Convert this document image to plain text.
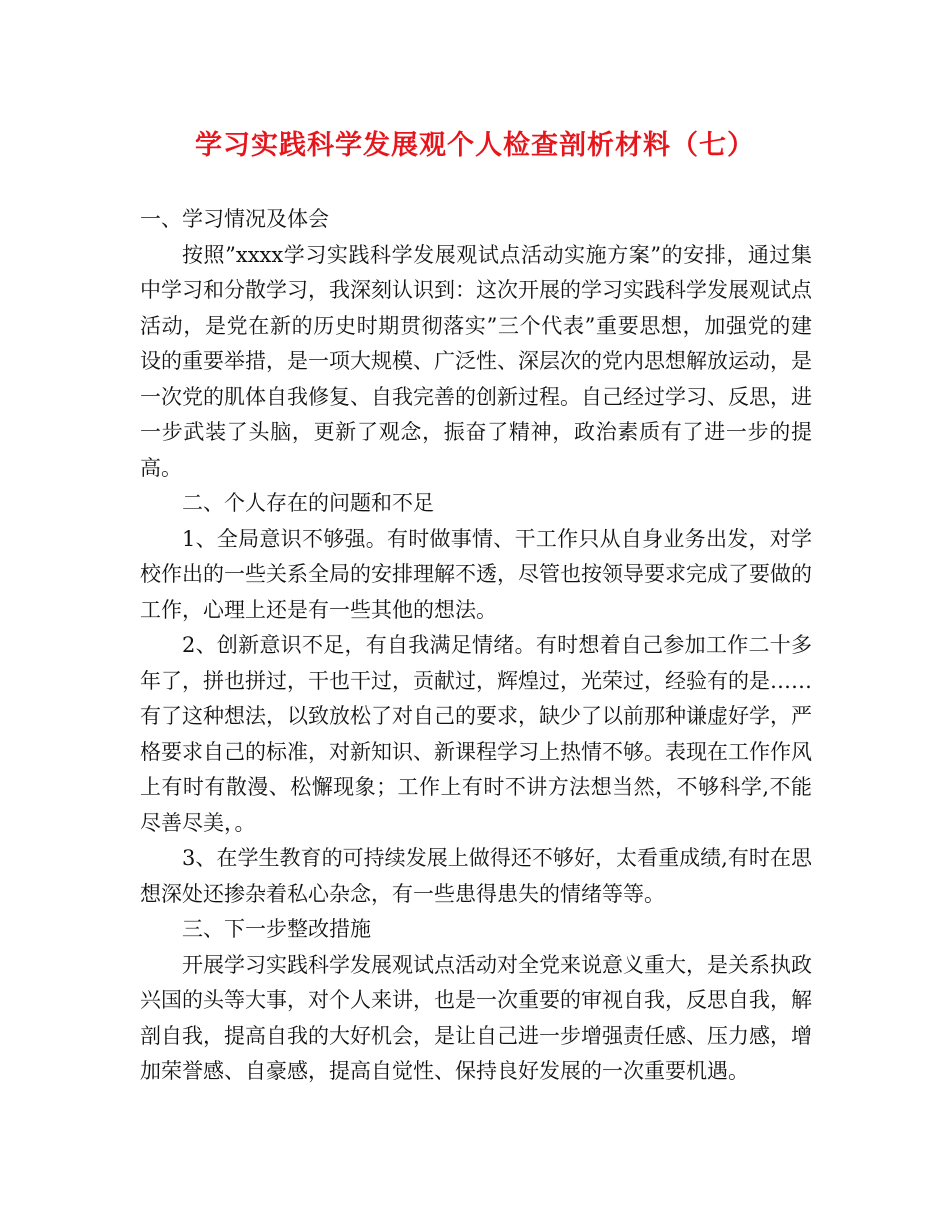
学习实践科学发展观个人检查剖析材料（七）

一、学习情况及体会

按照”xxxx学习实践科学发展观试点活动实施方案”的安排，通过集中学习和分散学习，我深刻认识到：这次开展的学习实践科学发展观试点活动，是党在新的历史时期贯彻落实”三个代表”重要思想，加强党的建设的重要举措，是一项大规模、广泛性、深层次的党内思想解放运动，是一次党的肌体自我修复、自我完善的创新过程。自己经过学习、反思，进一步武装了头脑，更新了观念，振奋了精神，政治素质有了进一步的提高。

二、个人存在的问题和不足

1、全局意识不够强。有时做事情、干工作只从自身业务出发，对学校作出的一些关系全局的安排理解不透，尽管也按领导要求完成了要做的工作，心理上还是有一些其他的想法。

2、创新意识不足，有自我满足情绪。有时想着自己参加工作二十多年了，拼也拼过，干也干过，贡献过，辉煌过，光荣过，经验有的是……有了这种想法，以致放松了对自己的要求，缺少了以前那种谦虚好学，严格要求自己的标准，对新知识、新课程学习上热情不够。表现在工作作风上有时有散漫、松懈现象；工作上有时不讲方法想当然，不够科学,不能尽善尽美，。

3、在学生教育的可持续发展上做得还不够好，太看重成绩,有时在思想深处还掺杂着私心杂念，有一些患得患失的情绪等等。

三、下一步整改措施

开展学习实践科学发展观试点活动对全党来说意义重大，是关系执政兴国的头等大事，对个人来讲，也是一次重要的审视自我，反思自我，解剖自我，提高自我的大好机会，是让自己进一步增强责任感、压力感，增加荣誉感、自豪感，提高自觉性、保持良好发展的一次重要机遇。
